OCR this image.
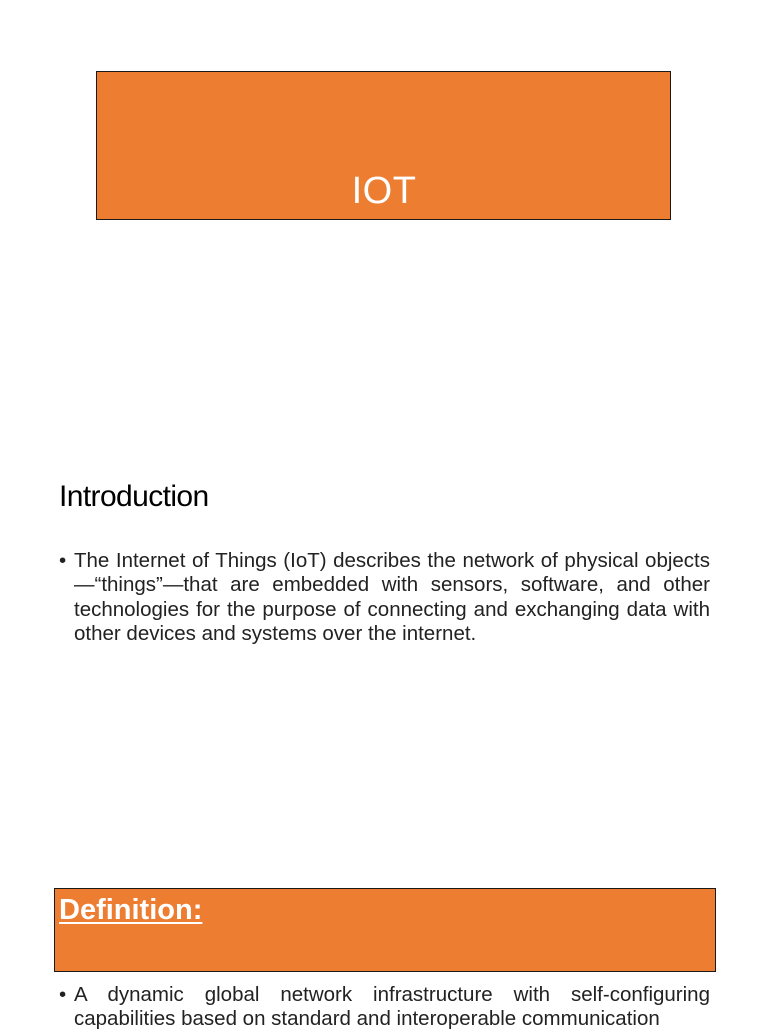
IOT
Introduction
• The Internet of Things (IoT) describes the network of physical objects—“things”—that are embedded with sensors, software, and other technologies for the purpose of connecting and exchanging data with other devices and systems over the internet.
Definition:
• A dynamic global network infrastructure with self-configuring capabilities based on standard and interoperable communication
